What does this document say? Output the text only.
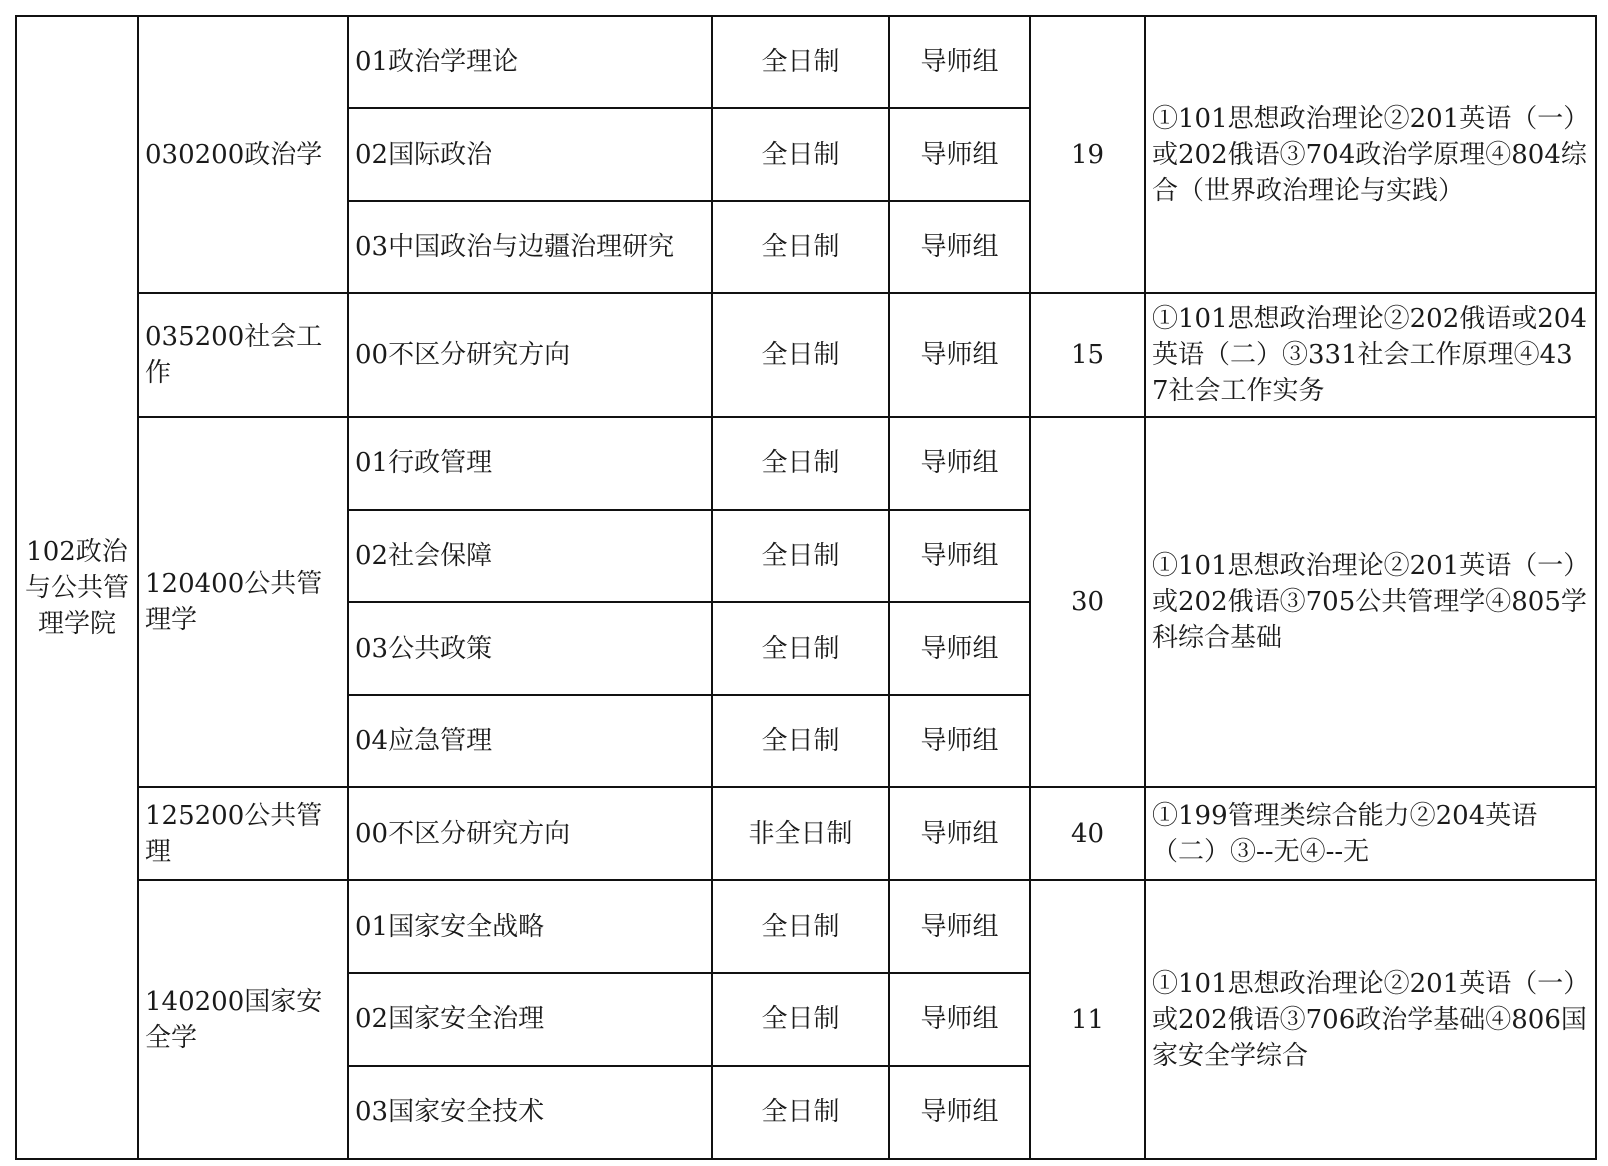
102政治与公共管理学院	030200政治学	01政治学理论	全日制	导师组	19	①101思想政治理论②201英语（一）或202俄语③704政治学原理④804综合（世界政治理论与实践）
		02国际政治	全日制	导师组		
		03中国政治与边疆治理研究	全日制	导师组		
	035200社会工作	00不区分研究方向	全日制	导师组	15	①101思想政治理论②202俄语或204英语（二）③331社会工作原理④437社会工作实务
	120400公共管理学	01行政管理	全日制	导师组	30	①101思想政治理论②201英语（一）或202俄语③705公共管理学④805学科综合基础
		02社会保障	全日制	导师组		
		03公共政策	全日制	导师组		
		04应急管理	全日制	导师组		
	125200公共管理	00不区分研究方向	非全日制	导师组	40	①199管理类综合能力②204英语（二）③--无④--无
	140200国家安全学	01国家安全战略	全日制	导师组	11	①101思想政治理论②201英语（一）或202俄语③706政治学基础④806国家安全学综合
		02国家安全治理	全日制	导师组		
		03国家安全技术	全日制	导师组		
